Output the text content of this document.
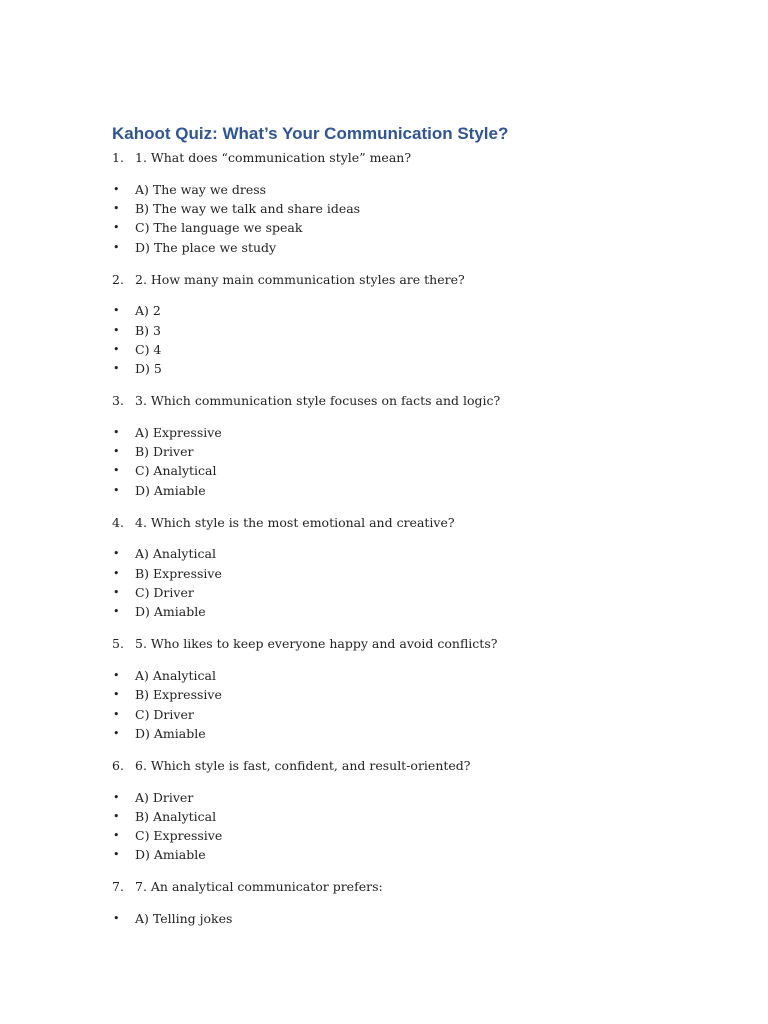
Kahoot Quiz: What’s Your Communication Style?
1. 1. What does “communication style” mean?
• A) The way we dress
• B) The way we talk and share ideas
• C) The language we speak
• D) The place we study
2. 2. How many main communication styles are there?
• A) 2
• B) 3
• C) 4
• D) 5
3. 3. Which communication style focuses on facts and logic?
• A) Expressive
• B) Driver
• C) Analytical
• D) Amiable
4. 4. Which style is the most emotional and creative?
• A) Analytical
• B) Expressive
• C) Driver
• D) Amiable
5. 5. Who likes to keep everyone happy and avoid conflicts?
• A) Analytical
• B) Expressive
• C) Driver
• D) Amiable
6. 6. Which style is fast, confident, and result-oriented?
• A) Driver
• B) Analytical
• C) Expressive
• D) Amiable
7. 7. An analytical communicator prefers:
• A) Telling jokes
